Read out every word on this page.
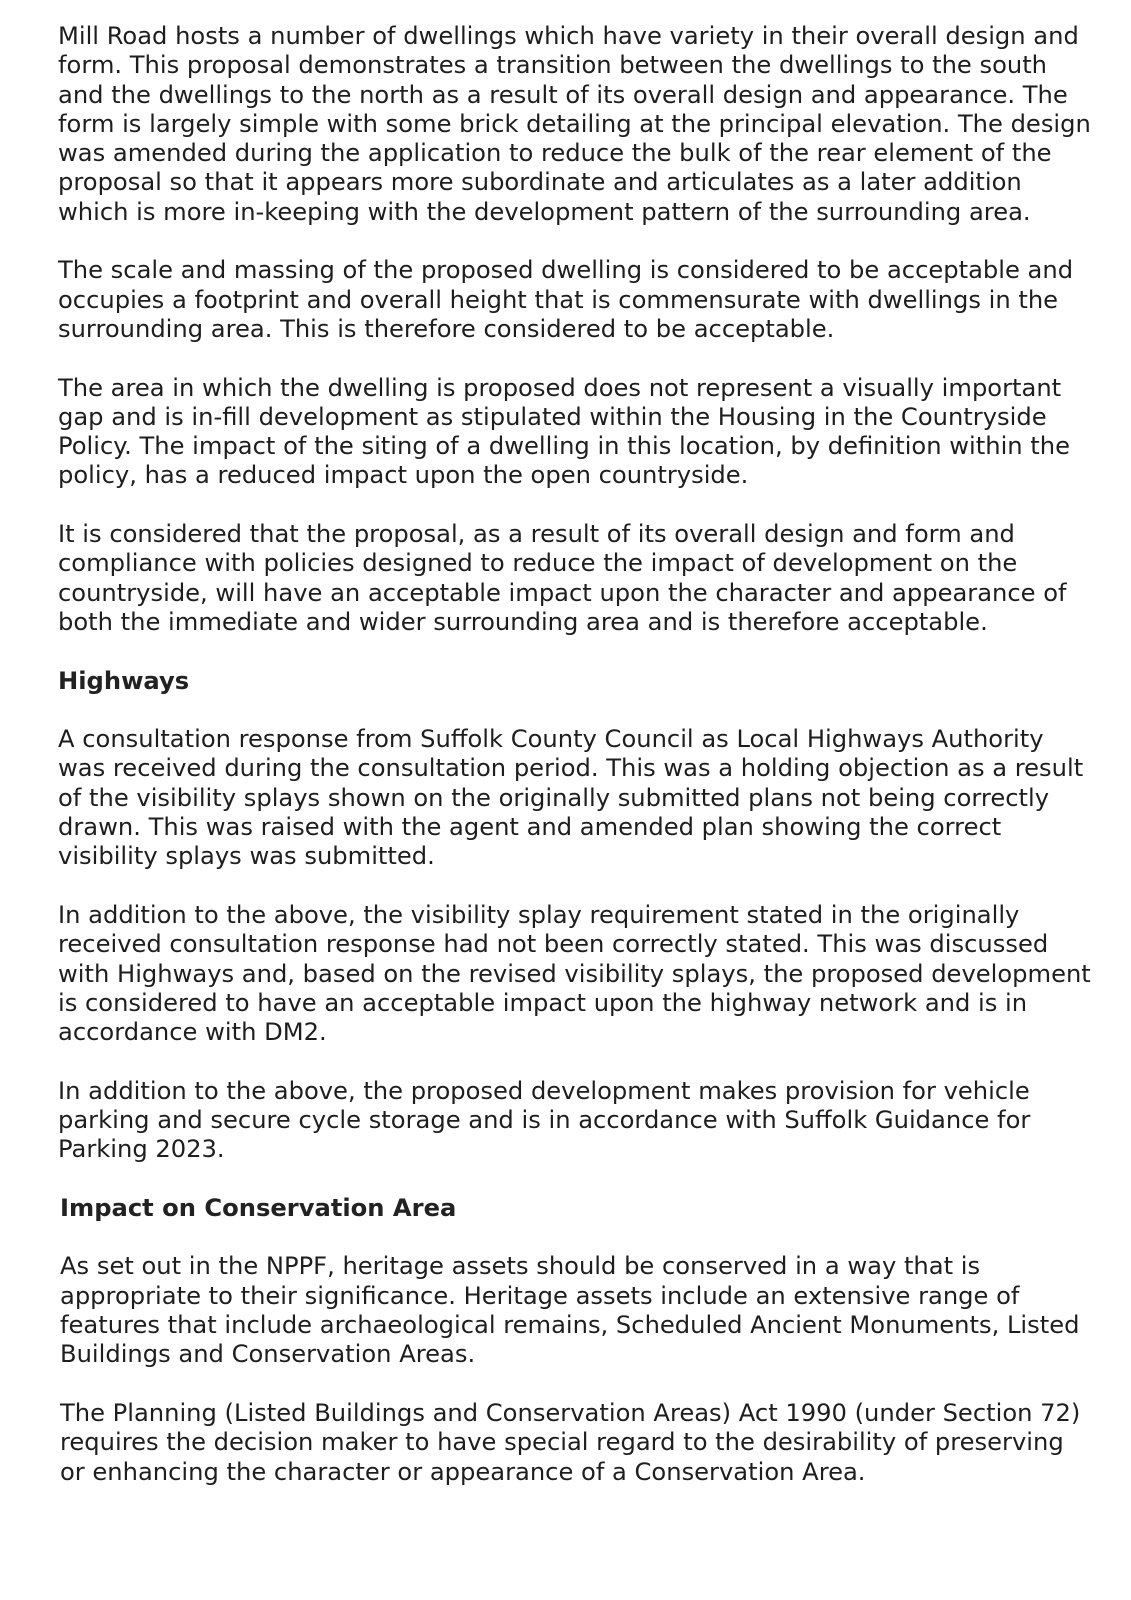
Mill Road hosts a number of dwellings which have variety in their overall design and form. This proposal demonstrates a transition between the dwellings to the south and the dwellings to the north as a result of its overall design and appearance. The form is largely simple with some brick detailing at the principal elevation. The design was amended during the application to reduce the bulk of the rear element of the proposal so that it appears more subordinate and articulates as a later addition which is more in-keeping with the development pattern of the surrounding area.

The scale and massing of the proposed dwelling is considered to be acceptable and occupies a footprint and overall height that is commensurate with dwellings in the surrounding area. This is therefore considered to be acceptable.

The area in which the dwelling is proposed does not represent a visually important gap and is in-fill development as stipulated within the Housing in the Countryside Policy. The impact of the siting of a dwelling in this location, by definition within the policy, has a reduced impact upon the open countryside.

It is considered that the proposal, as a result of its overall design and form and compliance with policies designed to reduce the impact of development on the countryside, will have an acceptable impact upon the character and appearance of both the immediate and wider surrounding area and is therefore acceptable.

Highways

A consultation response from Suffolk County Council as Local Highways Authority was received during the consultation period. This was a holding objection as a result of the visibility splays shown on the originally submitted plans not being correctly drawn. This was raised with the agent and amended plan showing the correct visibility splays was submitted.

In addition to the above, the visibility splay requirement stated in the originally received consultation response had not been correctly stated. This was discussed with Highways and, based on the revised visibility splays, the proposed development is considered to have an acceptable impact upon the highway network and is in accordance with DM2.

In addition to the above, the proposed development makes provision for vehicle parking and secure cycle storage and is in accordance with Suffolk Guidance for Parking 2023.

Impact on Conservation Area

As set out in the NPPF, heritage assets should be conserved in a way that is appropriate to their significance. Heritage assets include an extensive range of features that include archaeological remains, Scheduled Ancient Monuments, Listed Buildings and Conservation Areas.

The Planning (Listed Buildings and Conservation Areas) Act 1990 (under Section 72) requires the decision maker to have special regard to the desirability of preserving or enhancing the character or appearance of a Conservation Area.
